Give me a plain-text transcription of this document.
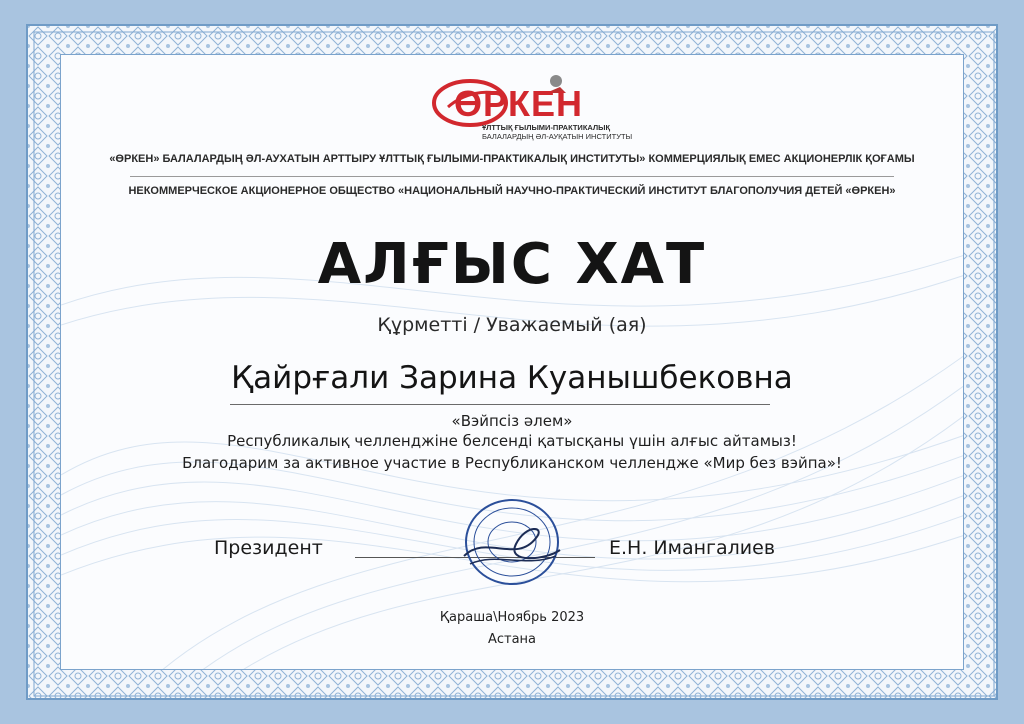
ӨРКЕН
ҰЛТТЫҚ ҒЫЛЫМИ-ПРАКТИКАЛЫҚ
БАЛАЛАРДЫҢ ӘЛ-АУҚАТЫН ИНСТИТУТЫ
«ӨРКЕН» БАЛАЛАРДЫҢ ӘЛ-АУХАТЫН АРТТЫРУ ҰЛТТЫҚ ҒЫЛЫМИ-ПРАКТИКАЛЫҚ ИНСТИТУТЫ» КОММЕРЦИЯЛЫҚ ЕМЕС АКЦИОНЕРЛІК ҚОҒАМЫ
НЕКОММЕРЧЕСКОЕ АКЦИОНЕРНОЕ ОБЩЕСТВО «НАЦИОНАЛЬНЫЙ НАУЧНО-ПРАКТИЧЕСКИЙ ИНСТИТУТ БЛАГОПОЛУЧИЯ ДЕТЕЙ «ӨРКЕН»
АЛҒЫС ХАТ
Құрметті / Уважаемый (ая)
Қайрғали Зарина Куанышбековна
«Вэйпсіз әлем»
Республикалық челленджіне белсенді қатысқаны үшін алғыс айтамыз!
Благодарим за активное участие в Республиканском челлендже «Мир без вэйпа»!
Президент	Е.Н. Имангалиев
Қараша\Ноябрь 2023
Астана
